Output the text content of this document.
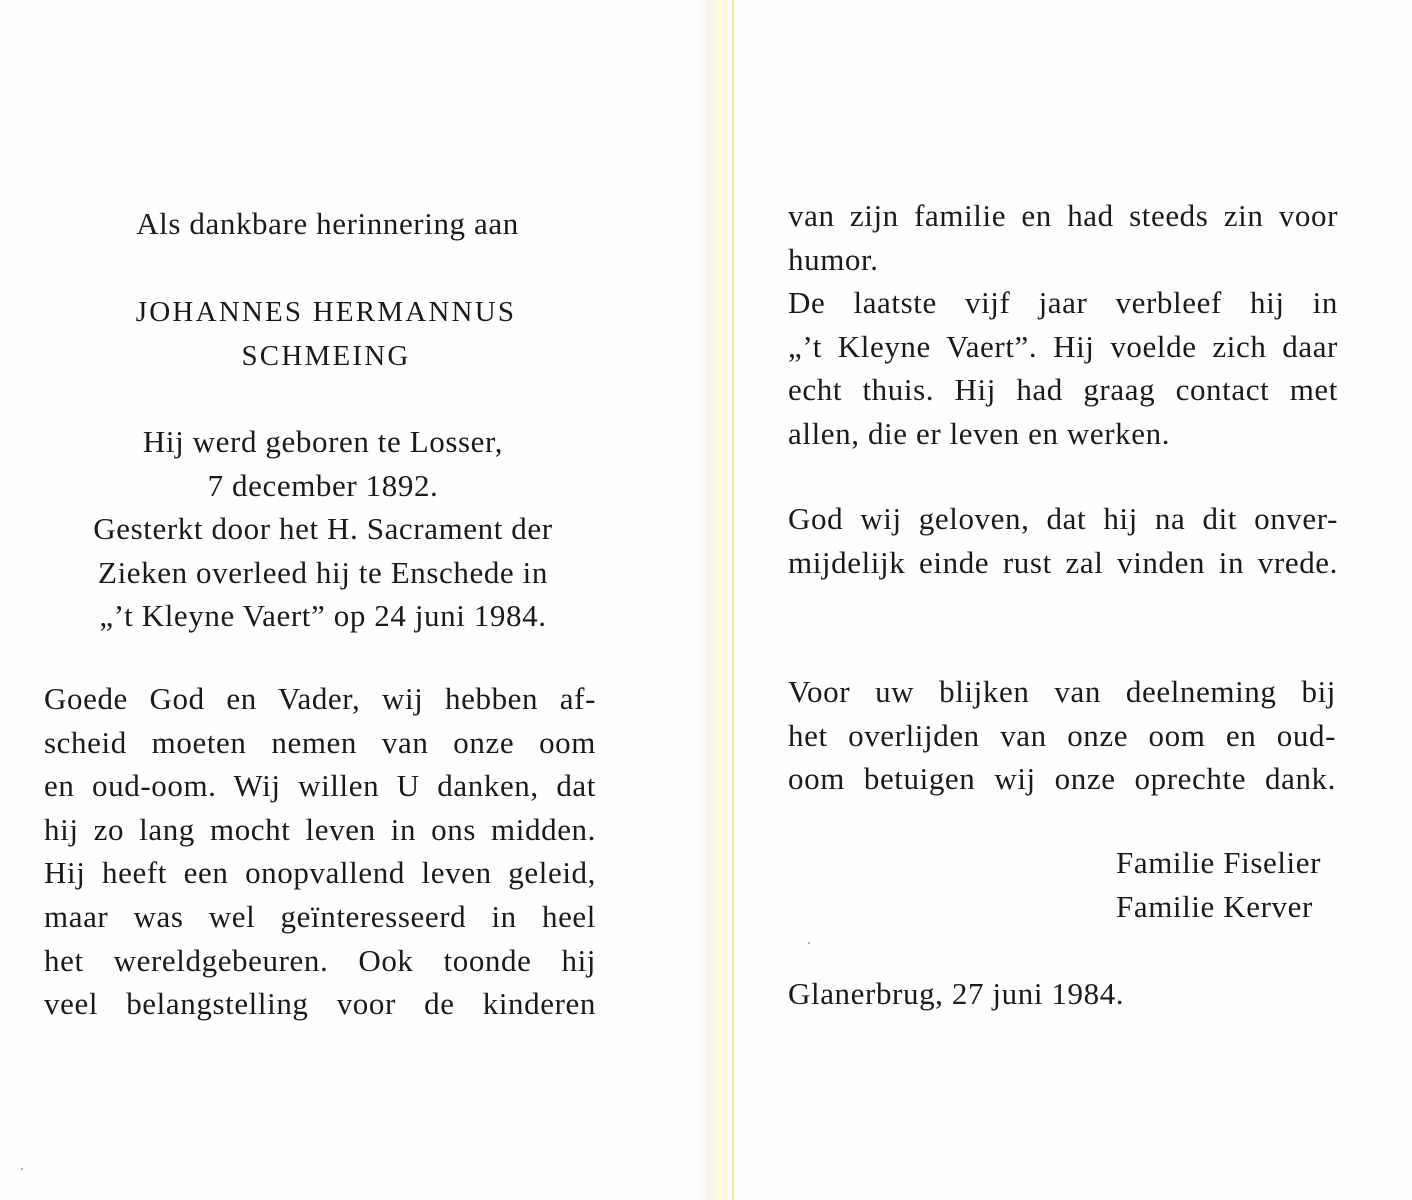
Als dankbare herinnering aan

JOHANNES HERMANNUS
SCHMEING
Hij werd geboren te Losser,
7 december 1892.
Gesterkt door het H. Sacrament der
Zieken overleed hij te Enschede in
„’t Kleyne Vaert” op 24 juni 1984.
Goede God en Vader, wij hebben af-
scheid moeten nemen van onze oom
en oud-oom. Wij willen U danken, dat
hij zo lang mocht leven in ons midden.
Hij heeft een onopvallend leven geleid,
maar was wel geïnteresseerd in heel
het wereldgebeuren. Ook toonde hij
veel belangstelling voor de kinderen
van zijn familie en had steeds zin voor
humor.
De laatste vijf jaar verbleef hij in
„’t Kleyne Vaert”. Hij voelde zich daar
echt thuis. Hij had graag contact met
allen, die er leven en werken.
God wij geloven, dat hij na dit onver-
mijdelijk einde rust zal vinden in vrede.
Voor uw blijken van deelneming bij
het overlijden van onze oom en oud-
oom betuigen wij onze oprechte dank.
Familie Fiselier
Familie Kerver

Glanerbrug, 27 juni 1984.
